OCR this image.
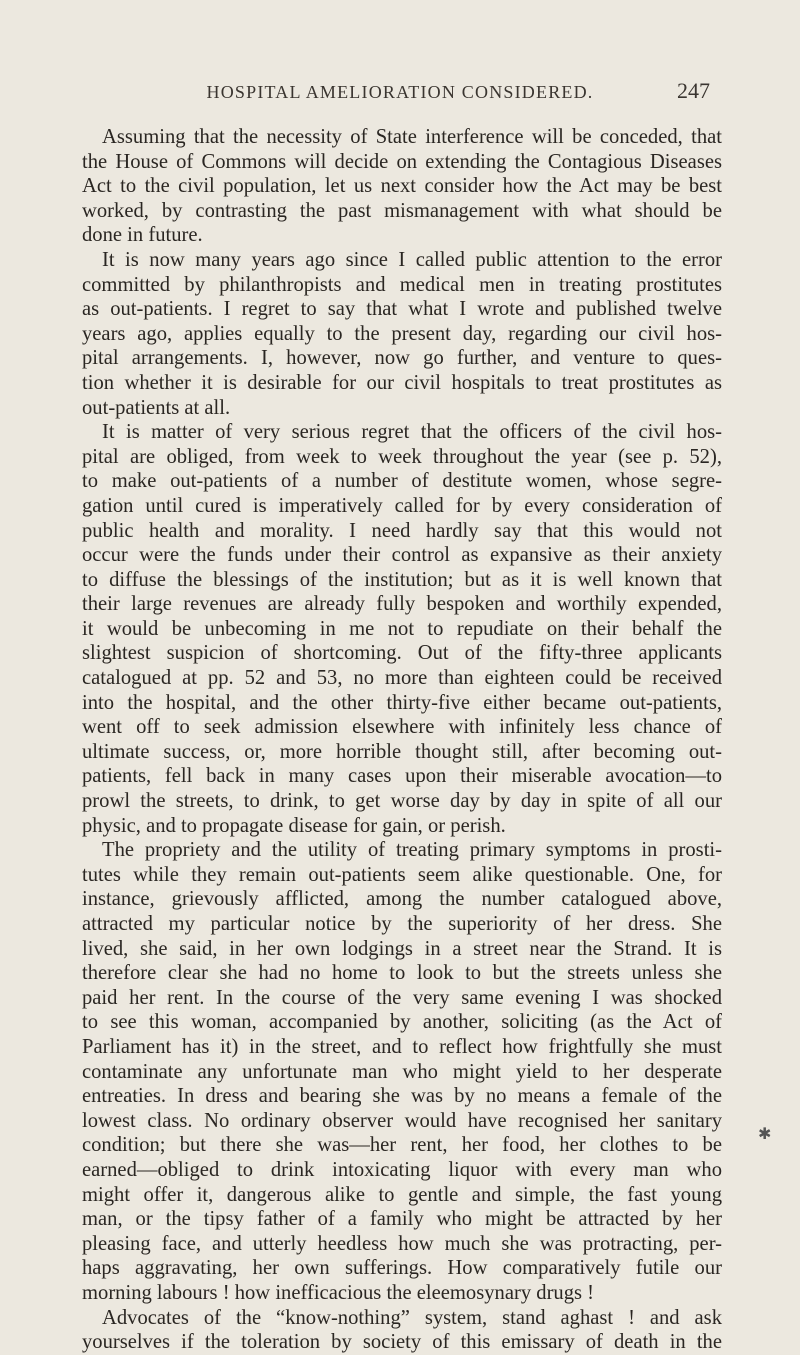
HOSPITAL AMELIORATION CONSIDERED.	247
Assuming that the necessity of State interference will be conceded, that
the House of Commons will decide on extending the Contagious Diseases
Act to the civil population, let us next consider how the Act may be best
worked, by contrasting the past mismanagement with what should be
done in future.
It is now many years ago since I called public attention to the error
committed by philanthropists and medical men in treating prostitutes
as out-patients. I regret to say that what I wrote and published twelve
years ago, applies equally to the present day, regarding our civil hos-
pital arrangements. I, however, now go further, and venture to ques-
tion whether it is desirable for our civil hospitals to treat prostitutes as
out-patients at all.
It is matter of very serious regret that the officers of the civil hos-
pital are obliged, from week to week throughout the year (see p. 52),
to make out-patients of a number of destitute women, whose segre-
gation until cured is imperatively called for by every consideration of
public health and morality. I need hardly say that this would not
occur were the funds under their control as expansive as their anxiety
to diffuse the blessings of the institution; but as it is well known that
their large revenues are already fully bespoken and worthily expended,
it would be unbecoming in me not to repudiate on their behalf the
slightest suspicion of shortcoming. Out of the fifty-three applicants
catalogued at pp. 52 and 53, no more than eighteen could be received
into the hospital, and the other thirty-five either became out-patients,
went off to seek admission elsewhere with infinitely less chance of
ultimate success, or, more horrible thought still, after becoming out-
patients, fell back in many cases upon their miserable avocation—to
prowl the streets, to drink, to get worse day by day in spite of all our
physic, and to propagate disease for gain, or perish.
The propriety and the utility of treating primary symptoms in prosti-
tutes while they remain out-patients seem alike questionable. One, for
instance, grievously afflicted, among the number catalogued above,
attracted my particular notice by the superiority of her dress. She
lived, she said, in her own lodgings in a street near the Strand. It is
therefore clear she had no home to look to but the streets unless she
paid her rent. In the course of the very same evening I was shocked
to see this woman, accompanied by another, soliciting (as the Act of
Parliament has it) in the street, and to reflect how frightfully she must
contaminate any unfortunate man who might yield to her desperate
entreaties. In dress and bearing she was by no means a female of the
lowest class. No ordinary observer would have recognised her sanitary
condition; but there she was—her rent, her food, her clothes to be
earned—obliged to drink intoxicating liquor with every man who
might offer it, dangerous alike to gentle and simple, the fast young
man, or the tipsy father of a family who might be attracted by her
pleasing face, and utterly heedless how much she was protracting, per-
haps aggravating, her own sufferings. How comparatively futile our
morning labours ! how inefficacious the eleemosynary drugs !
Advocates of the “know-nothing” system, stand aghast ! and ask
yourselves if the toleration by society of this emissary of death in the
✱
